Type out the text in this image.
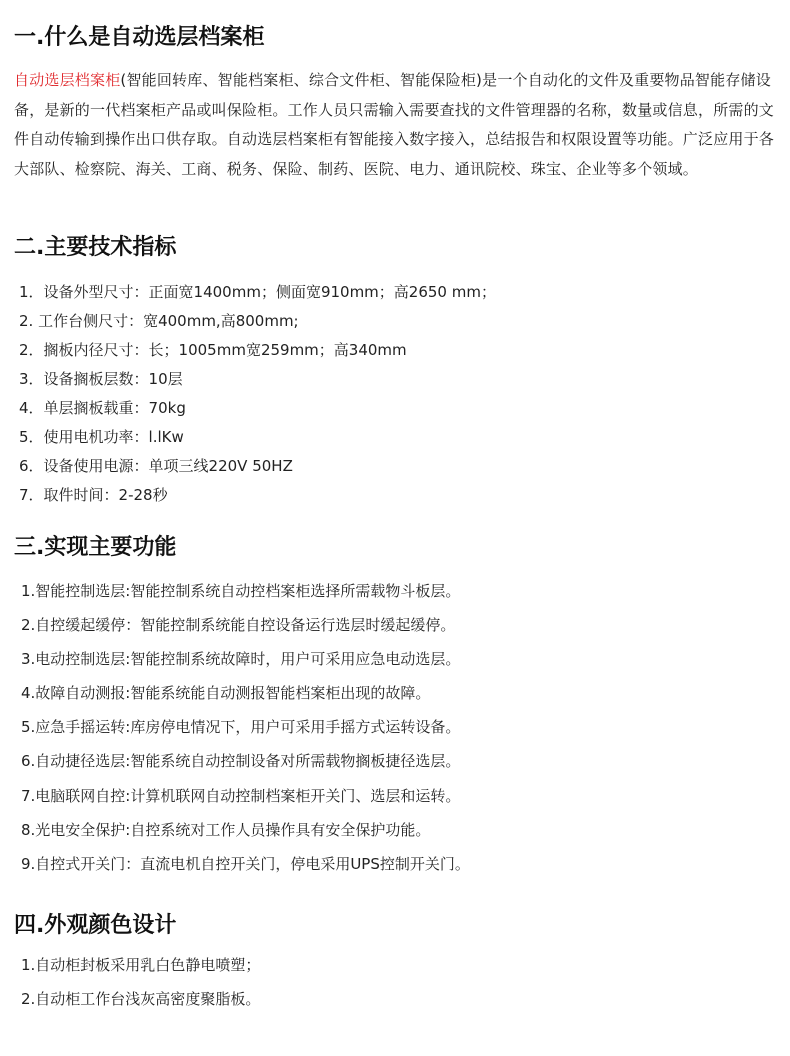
一.什么是自动选层档案柜

自动选层档案柜(智能回转库、智能档案柜、综合文件柜、智能保险柜)是一个自动化的文件及重要物品智能存储设备，是新的一代档案柜产品或叫保险柜。工作人员只需输入需要查找的文件管理器的名称，数量或信息，所需的文件自动传输到操作出口供存取。自动选层档案柜有智能接入数字接入，总结报告和权限设置等功能。广泛应用于各大部队、检察院、海关、工商、税务、保险、制药、医院、电力、通讯院校、珠宝、企业等多个领域。

二.主要技术指标
1．设备外型尺寸：正面宽1400mm；侧面宽910mm；高2650 mm；
2. 工作台侧尺寸：宽400mm,高800mm;
2．搁板内径尺寸：长；1005mm宽259mm；高340mm
3．设备搁板层数：10层
4．单层搁板载重：70kg
5．使用电机功率：l.lKw
6．设备使用电源：单项三线220V 50HZ
7．取件时间：2-28秒
三.实现主要功能
1.智能控制选层:智能控制系统自动控档案柜选择所需载物斗板层。
2.自控缓起缓停：智能控制系统能自控设备运行选层时缓起缓停。
3.电动控制选层:智能控制系统故障时，用户可采用应急电动选层。
4.故障自动测报:智能系统能自动测报智能档案柜出现的故障。
5.应急手摇运转:库房停电情况下，用户可采用手摇方式运转设备。
6.自动捷径选层:智能系统自动控制设备对所需载物搁板捷径选层。
7.电脑联网自控:计算机联网自动控制档案柜开关门、选层和运转。
8.光电安全保护:自控系统对工作人员操作具有安全保护功能。
9.自控式开关门：直流电机自控开关门，停电采用UPS控制开关门。
四.外观颜色设计
1.自动柜封板采用乳白色静电喷塑；
2.自动柜工作台浅灰高密度聚脂板。
